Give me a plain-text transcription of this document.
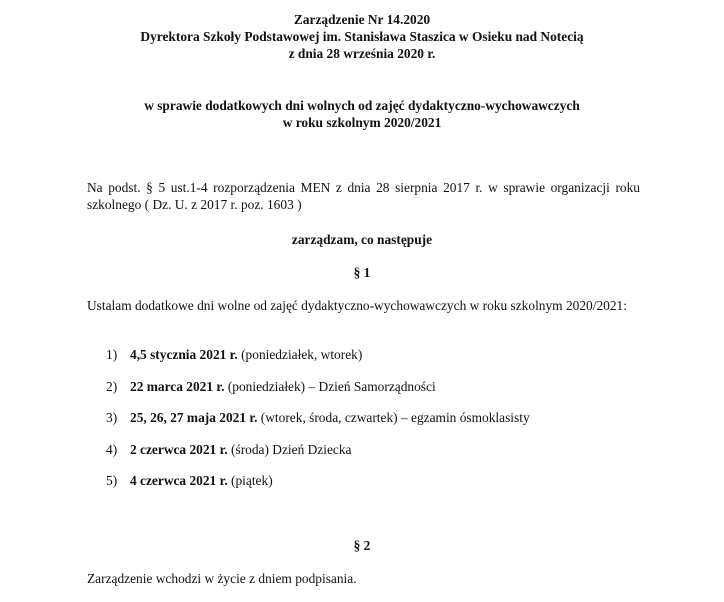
Zarządzenie Nr 14.2020
Dyrektora Szkoły Podstawowej im. Stanisława Staszica w Osieku nad Notecią
z dnia 28 września 2020 r.
w sprawie dodatkowych dni wolnych od zajęć dydaktyczno-wychowawczych
w roku szkolnym 2020/2021
Na podst. § 5 ust.1-4 rozporządzenia MEN z dnia 28 sierpnia 2017 r. w sprawie organizacji roku szkolnego ( Dz. U. z 2017 r. poz. 1603 )
zarządzam, co następuje
§ 1
Ustalam dodatkowe dni wolne od zajęć dydaktyczno-wychowawczych w roku szkolnym 2020/2021:
1) 4,5 stycznia 2021 r. (poniedziałek, wtorek)
2) 22 marca 2021 r. (poniedziałek) – Dzień Samorządności
3) 25, 26, 27 maja 2021 r. (wtorek, środa, czwartek) – egzamin ósmoklasisty
4) 2 czerwca 2021 r. (środa) Dzień Dziecka
5) 4 czerwca 2021 r. (piątek)
§ 2
Zarządzenie wchodzi w życie z dniem podpisania.
